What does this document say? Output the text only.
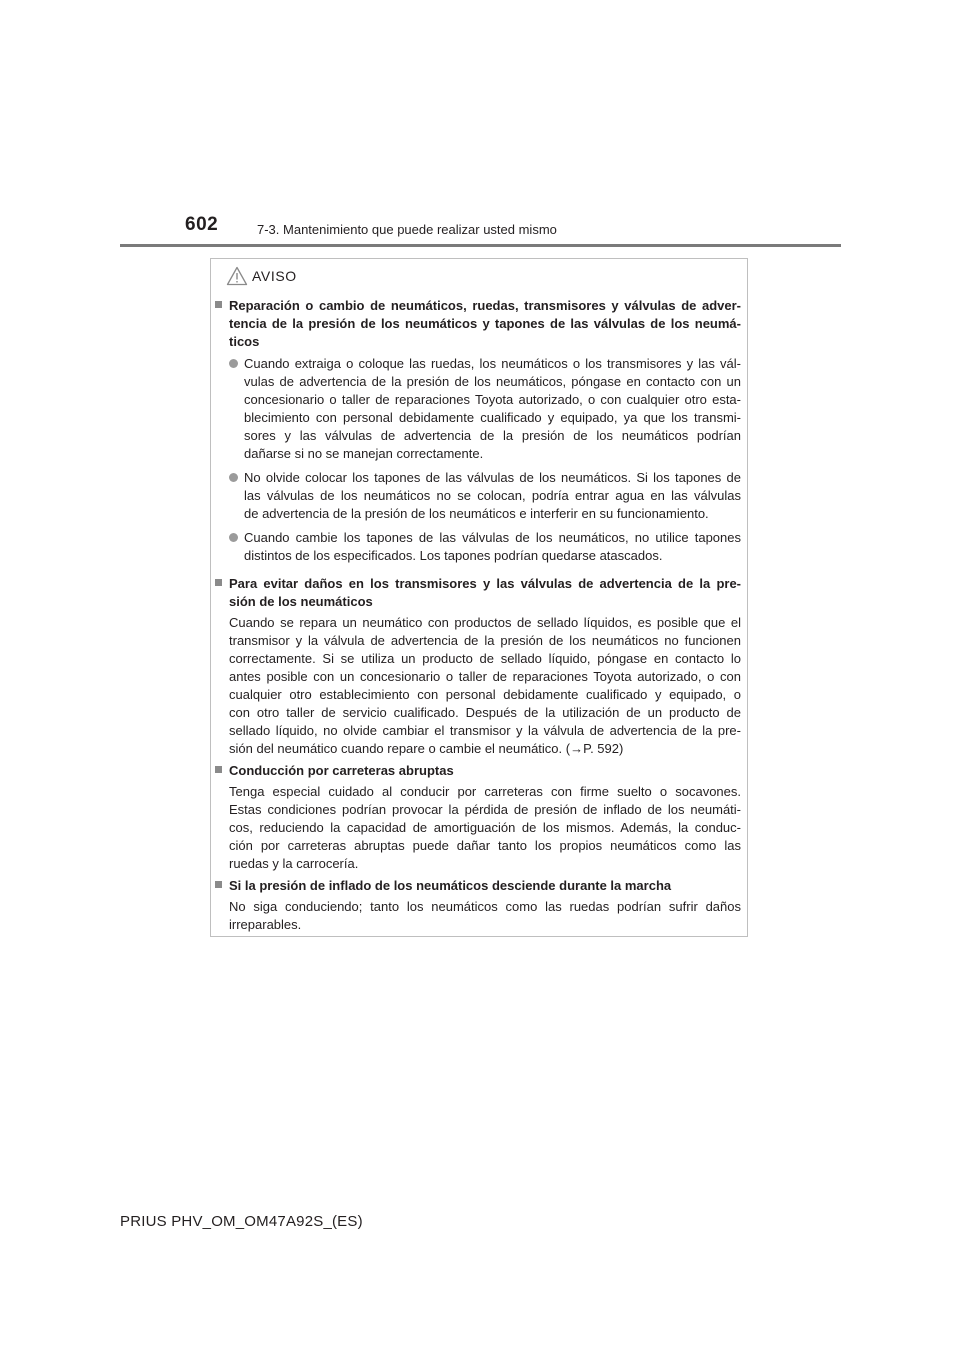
602	7-3. Mantenimiento que puede realizar usted mismo
AVISO
Reparación o cambio de neumáticos, ruedas, transmisores y válvulas de adver-
tencia de la presión de los neumáticos y tapones de las válvulas de los neumá-
ticos
Cuando extraiga o coloque las ruedas, los neumáticos o los transmisores y las vál-
vulas de advertencia de la presión de los neumáticos, póngase en contacto con un
concesionario o taller de reparaciones Toyota autorizado, o con cualquier otro esta-
blecimiento con personal debidamente cualificado y equipado, ya que los transmi-
sores y las válvulas de advertencia de la presión de los neumáticos podrían
dañarse si no se manejan correctamente.
No olvide colocar los tapones de las válvulas de los neumáticos. Si los tapones de
las válvulas de los neumáticos no se colocan, podría entrar agua en las válvulas
de advertencia de la presión de los neumáticos e interferir en su funcionamiento.
Cuando cambie los tapones de las válvulas de los neumáticos, no utilice tapones
distintos de los especificados. Los tapones podrían quedarse atascados.
Para evitar daños en los transmisores y las válvulas de advertencia de la pre-
sión de los neumáticos
Cuando se repara un neumático con productos de sellado líquidos, es posible que el
transmisor y la válvula de advertencia de la presión de los neumáticos no funcionen
correctamente. Si se utiliza un producto de sellado líquido, póngase en contacto lo
antes posible con un concesionario o taller de reparaciones Toyota autorizado, o con
cualquier otro establecimiento con personal debidamente cualificado y equipado, o
con otro taller de servicio cualificado. Después de la utilización de un producto de
sellado líquido, no olvide cambiar el transmisor y la válvula de advertencia de la pre-
sión del neumático cuando repare o cambie el neumático. (→P. 592)
Conducción por carreteras abruptas
Tenga especial cuidado al conducir por carreteras con firme suelto o socavones.
Estas condiciones podrían provocar la pérdida de presión de inflado de los neumáti-
cos, reduciendo la capacidad de amortiguación de los mismos. Además, la conduc-
ción por carreteras abruptas puede dañar tanto los propios neumáticos como las
ruedas y la carrocería.
Si la presión de inflado de los neumáticos desciende durante la marcha
No siga conduciendo; tanto los neumáticos como las ruedas podrían sufrir daños
irreparables.
PRIUS PHV_OM_OM47A92S_(ES)
